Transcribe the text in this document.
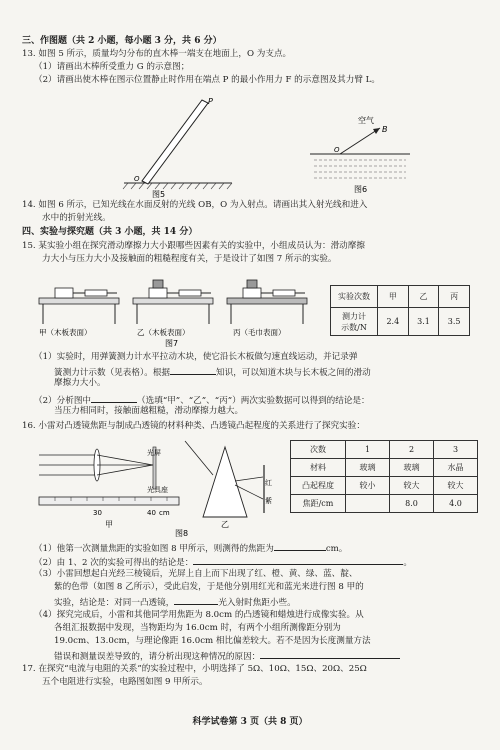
三、作图题（共 2 小题，每小题 3 分，共 6 分）
13. 如图 5 所示，质量均匀分布的直木棒一端支在地面上，O 为支点。
（1）请画出木棒所受重力 G 的示意图；
（2）请画出使木棒在图示位置静止时作用在端点 P 的最小作用力 F 的示意图及其力臂 L。
P
O
图5
空气
B
O
图6
14. 如图 6 所示，已知光线在水面反射的光线 OB，O 为入射点。请画出其入射光线和进入
水中的折射光线。
四、实验与探究题（共 3 小题，共 14 分）
15. 某实验小组在探究滑动摩擦力大小跟哪些因素有关的实验中，小组成员认为：滑动摩擦
力大小与压力大小及接触面的粗糙程度有关，于是设计了如图 7 所示的实验。
甲（木板表面）	乙（木板表面）	丙（毛巾表面）
图7
实验次数	甲	乙	丙
测力计
示数/N	2.4	3.1	3.5
（1）实验时，用弹簧测力计水平拉动木块，使它沿长木板做匀速直线运动，并记录弹
簧测力计示数（见表格）。根据	知识，可以知道木块与长木板之间的滑动
摩擦力大小。
（2）分析图中	（选填“甲”、“乙”、“丙”）两次实验数据可以得到的结论是：
当压力相同时，接触面越粗糙，滑动摩擦力越大。
16. 小雷对凸透镜焦距与制成凸透镜的材料种类、凸透镜凸起程度的关系进行了探究实验：
光屏
光具座
30	40 cm
甲
红
紫
乙
图8
次数	1	2	3
材料	玻璃	玻璃	水晶
凸起程度	较小	较大	较大
焦距/cm		8.0	4.0
（1）他第一次测量焦距的实验如图 8 甲所示，则测得的焦距为	cm。
（2）由 1、2 次的实验可得出的结论是：	。
（3）小雷回想起白光经三棱镜后，光屏上自上而下出现了红、橙、黄、绿、蓝、靛、
紫的色带（如图 8 乙所示），受此启发，于是他分别用红光和蓝光来进行图 8 甲的
实验，结论是：对同一凸透镜，	光入射时焦距小些。
（4）探究完成后，小雷和其他同学用焦距为 8.0cm 的凸透镜和蜡烛进行成像实验。从
各组汇报数据中发现，当物距均为 16.0cm 时，有两个小组所测像距分别为
19.0cm、13.0cm，与理论像距 16.0cm 相比偏差较大。若不是因为长度测量方法
错误和测量误差导致的，请分析出现这种情况的原因：
17. 在探究“电流与电阻的关系”的实验过程中，小明选择了 5Ω、10Ω、15Ω、20Ω、25Ω
五个电阻进行实验，电路图如图 9 甲所示。
科学试卷第 3 页（共 8 页）
